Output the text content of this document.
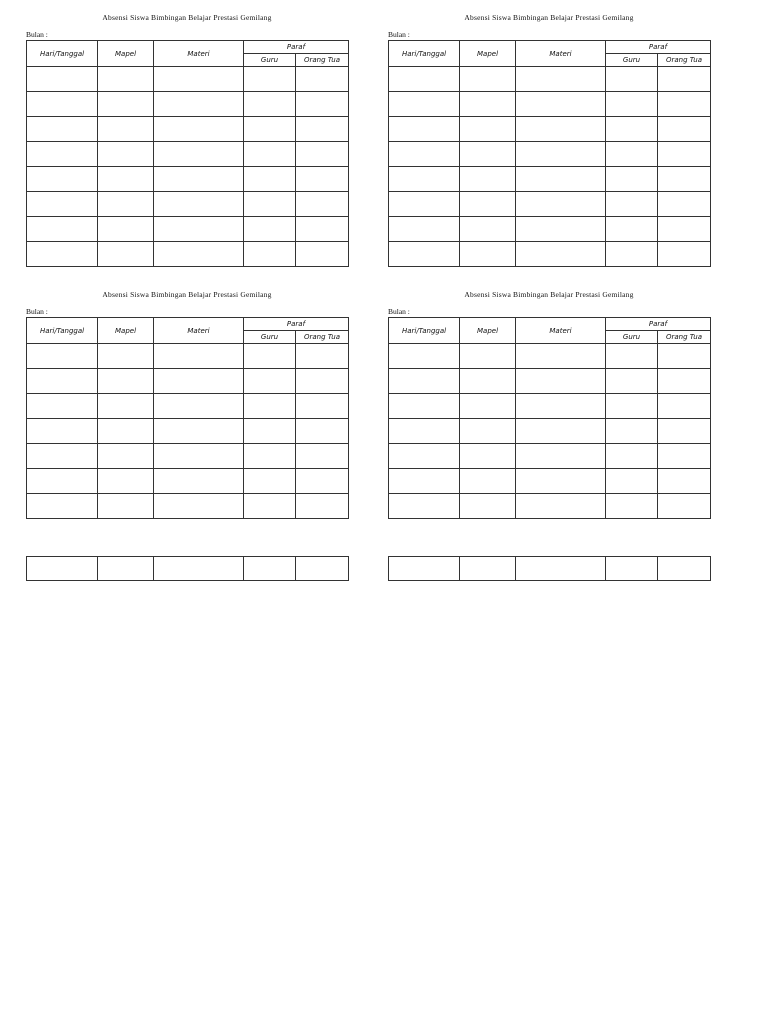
Absensi Siswa Bimbingan Belajar Prestasi Gemilang
Bulan :
Hari/Tanggal	Mapel	Materi	Paraf	
			Guru	Orang Tua

Absensi Siswa Bimbingan Belajar Prestasi Gemilang
Bulan :
Hari/Tanggal	Mapel	Materi	Paraf	
			Guru	Orang Tua

Absensi Siswa Bimbingan Belajar Prestasi Gemilang
Bulan :
Hari/Tanggal	Mapel	Materi	Paraf	
			Guru	Orang Tua

Absensi Siswa Bimbingan Belajar Prestasi Gemilang
Bulan :
Hari/Tanggal	Mapel	Materi	Paraf	
			Guru	Orang Tua
